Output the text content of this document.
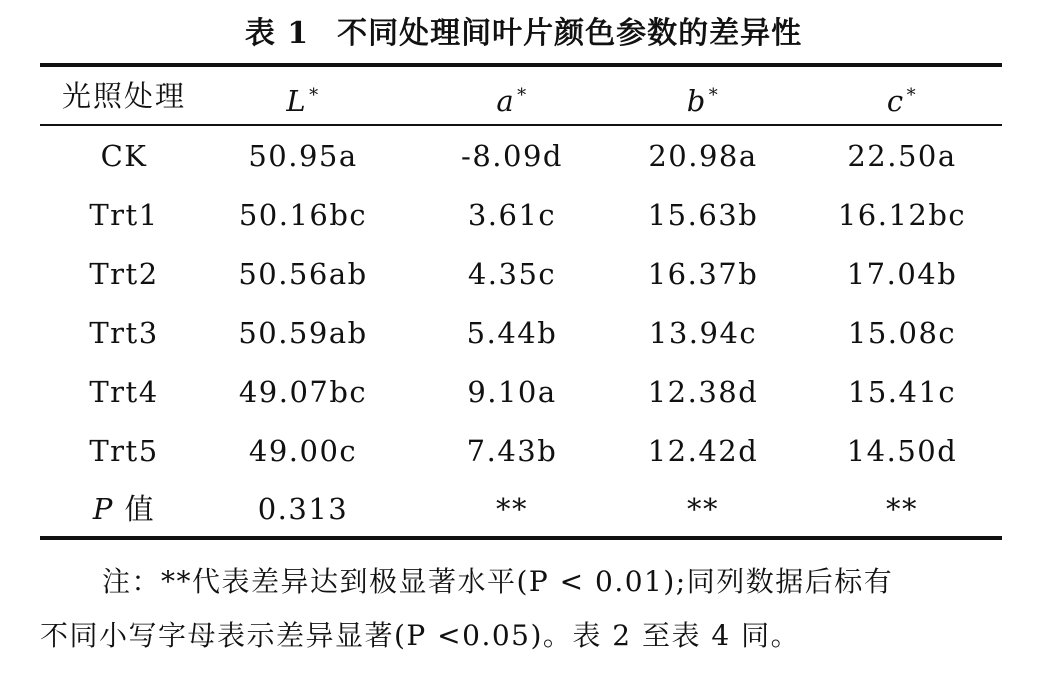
表 1 不同处理间叶片颜色参数的差异性
光照处理	L *	a *	b *	c *
CK	50.95a	-8.09d	20.98a	22.50a
Trt1	50.16bc	3.61c	15.63b	16.12bc
Trt2	50.56ab	4.35c	16.37b	17.04b
Trt3	50.59ab	5.44b	13.94c	15.08c
Trt4	49.07bc	9.10a	12.38d	15.41c
Trt5	49.00c	7.43b	12.42d	14.50d
P 值	0.313	**	**	**
注：**代表差异达到极显著水平(P < 0.01);同列数据后标有
不同小写字母表示差异显著(P <0.05)。表 2 至表 4 同。
